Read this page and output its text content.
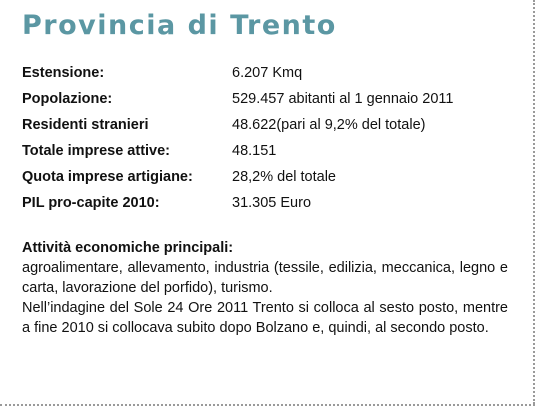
Provincia di Trento
Estensione:	6.207 Kmq
Popolazione:	529.457 abitanti al 1 gennaio 2011
Residenti stranieri	48.622(pari al 9,2% del totale)
Totale imprese attive:	48.151
Quota imprese artigiane:	28,2% del totale
PIL pro-capite 2010:	31.305 Euro

Attività economiche principali:

agroalimentare, allevamento, industria (tessile, edilizia, meccanica, legno e carta, lavorazione del porfido), turismo.

Nell’indagine del Sole 24 Ore 2011 Trento si colloca al sesto posto, mentre a fine 2010 si collocava subito dopo Bolzano e, quindi, al secondo posto.
